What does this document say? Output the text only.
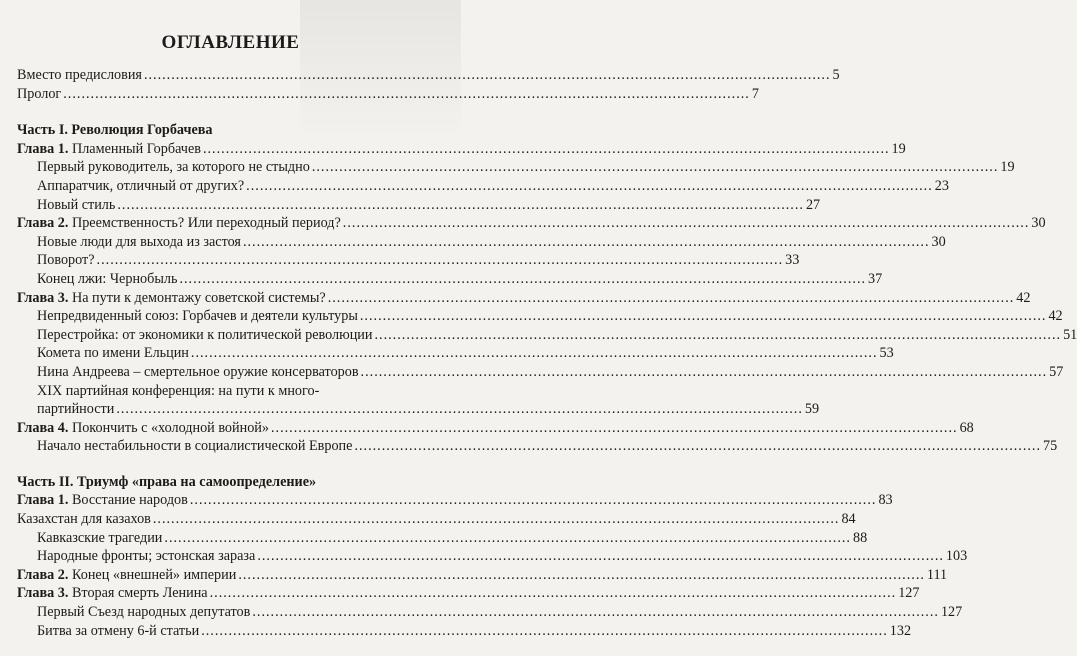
ОГЛАВЛЕНИЕ
Вместо предисловия .....	5
Пролог .....	7
Часть I. Революция Горбачева
Глава 1. Пламенный Горбачев .....	19
Первый руководитель, за которого не стыдно .....	19
Аппаратчик, отличный от других? .....	23
Новый стиль .....	27
Глава 2. Преемственность? Или переходный период? .....	30
Новые люди для выхода из застоя .....	30
Поворот? .....	33
Конец лжи: Чернобыль .....	37
Глава 3. На пути к демонтажу советской системы? .....	42
Непредвиденный союз: Горбачев и деятели культуры .....	42
Перестройка: от экономики к политической революции .....	51
Комета по имени Ельцин .....	53
Нина Андреева – смертельное оружие консерваторов .....	57
XIX партийная конференция: на пути к много-
партийности .....	59
Глава 4. Покончить с «холодной войной» .....	68
Начало нестабильности в социалистической Европе .....	75
Часть II. Триумф «права на самоопределение»
Глава 1. Восстание народов .....	83
Казахстан для казахов .....	84
Кавказские трагедии .....	88
Народные фронты; эстонская зараза .....	103
Глава 2. Конец «внешней» империи .....	111
Глава 3. Вторая смерть Ленина .....	127
Первый Съезд народных депутатов .....	127
Битва за отмену 6-й статьи .....	132
